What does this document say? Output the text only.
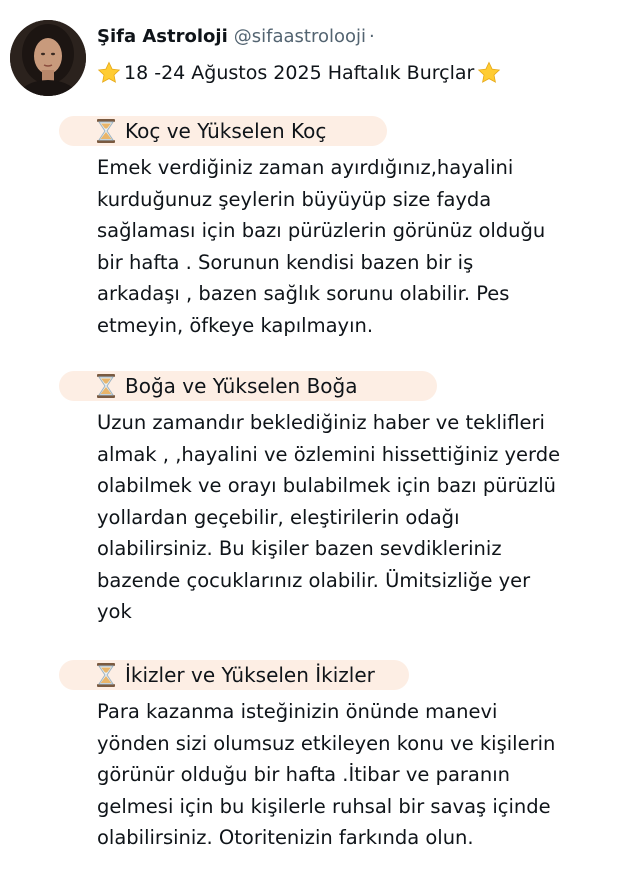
Şifa Astroloji @sifaastrolooji ·
18 -24 Ağustos 2025 Haftalık Burçlar
Koç ve Yükselen Koç
Emek verdiğiniz zaman ayırdığınız,hayalini
kurduğunuz şeylerin büyüyüp size fayda
sağlaması için bazı pürüzlerin görünüz olduğu
bir hafta . Sorunun kendisi bazen bir iş
arkadaşı , bazen sağlık sorunu olabilir. Pes
etmeyin, öfkeye kapılmayın.
Boğa ve Yükselen Boğa
Uzun zamandır beklediğiniz haber ve teklifleri
almak , ,hayalini ve özlemini hissettiğiniz yerde
olabilmek ve orayı bulabilmek için bazı pürüzlü
yollardan geçebilir, eleştirilerin odağı
olabilirsiniz. Bu kişiler bazen sevdikleriniz
bazende çocuklarınız olabilir. Ümitsizliğe yer
yok
İkizler ve Yükselen İkizler
Para kazanma isteğinizin önünde manevi
yönden sizi olumsuz etkileyen konu ve kişilerin
görünür olduğu bir hafta .İtibar ve paranın
gelmesi için bu kişilerle ruhsal bir savaş içinde
olabilirsiniz. Otoritenizin farkında olun.
